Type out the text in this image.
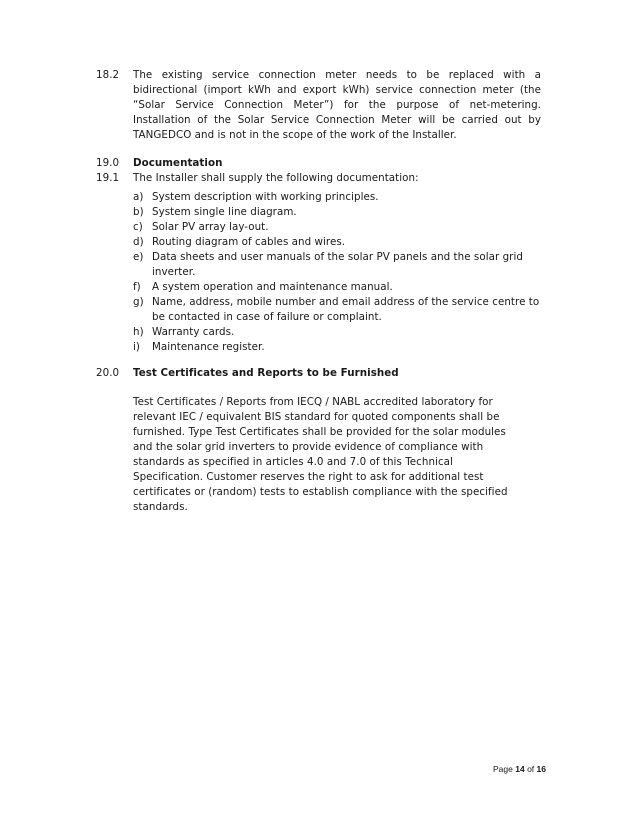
18.2	The existing service connection meter needs to be replaced with a
bidirectional (import kWh and export kWh) service connection meter (the
“Solar Service Connection Meter”) for the purpose of net-metering.
Installation of the Solar Service Connection Meter will be carried out by
TANGEDCO and is not in the scope of the work of the Installer.
19.0	Documentation
19.1	The Installer shall supply the following documentation:
a) System description with working principles.
b) System single line diagram.
c) Solar PV array lay-out.
d) Routing diagram of cables and wires.
e) Data sheets and user manuals of the solar PV panels and the solar grid inverter.
f)	A system operation and maintenance manual.
g) Name, address, mobile number and email address of the service centre to be contacted in case of failure or complaint.
h) Warranty cards.
i)	Maintenance register.
20.0	Test Certificates and Reports to be Furnished
Test Certificates / Reports from IECQ / NABL accredited laboratory for
relevant IEC / equivalent BIS standard for quoted components shall be
furnished. Type Test Certificates shall be provided for the solar modules
and the solar grid inverters to provide evidence of compliance with
standards as specified in articles 4.0 and 7.0 of this Technical
Specification. Customer reserves the right to ask for additional test
certificates or (random) tests to establish compliance with the specified
standards.
Page 14 of 16
